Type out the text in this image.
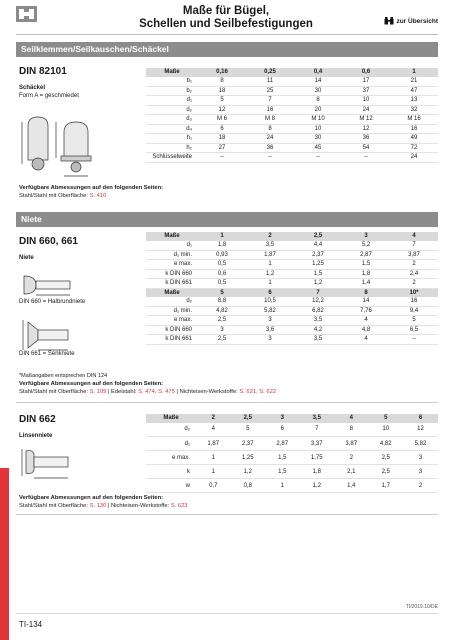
Maße für Bügel,
Schellen und Seilbefestigungen	zur Übersicht
Seilklemmen/Seilkauschen/Schäckel
DIN 82101
Schäckel
Form A = geschmiedet
Maße	0,16	0,25	0,4	0,6	1
b₁	8	11	14	17	21
b₂	18	25	30	37	47
d₁	5	7	8	10	13
d₂	12	16	20	24	32
d₃	M 6	M 8	M 10	M 12	M 16
d₄	6	8	10	12	16
h₁	18	24	30	36	49
h₂	27	36	45	54	72
Schlüsselweite	–	–	–	–	24
Verfügbare Abmessungen auf den folgenden Seiten:
Stahl/Stahl mit Oberfläche: S. 410
Niete
DIN 660, 661
Niete
DIN 660 = Halbrundniete
DIN 661 = Senkniete
*Maßangaben entsprechen DIN 124
Maße	1	2	2,5	3	4
d₁	1,8	3,5	4,4	5,2	7
d₁ min.	0,93	1,87	2,37	2,87	3,87
e max.	0,5	1	1,25	1,5	2
k DIN 660	0,6	1,2	1,5	1,8	2,4
k DIN 661	0,5	1	1,2	1,4	2
Maße	5	6	7	8	10*
d₂	8,8	10,5	12,2	14	16
d₁ min.	4,82	5,82	6,82	7,76	9,4
e max.	2,5	3	3,5	4	5
k DIN 660	3	3,6	4,2	4,8	6,5
k DIN 661	2,5	3	3,5	4	–
Verfügbare Abmessungen auf den folgenden Seiten:
Stahl/Stahl mit Oberfläche: S. 109 | Edelstahl: S. 474, S. 475 | Nichteisen-Werkstoffe: S. 621, S. 622
DIN 662
Linsenniete
Maße	2	2,5	3	3,5	4	5	6
d₂	4	5	6	7	8	10	12
d₁	1,87	2,37	2,87	3,37	3,87	4,82	5,82
e max.	1	1,25	1,5	1,75	2	2,5	3
k	1	1,2	1,5	1,8	2,1	2,5	3
w	0,7	0,8	1	1,2	1,4	1,7	2
Verfügbare Abmessungen auf den folgenden Seiten:
Stahl/Stahl mit Oberfläche: S. 130 | Nichteisen-Werkstoffe: S. 623
TI/2019.10/DE
TI-134
